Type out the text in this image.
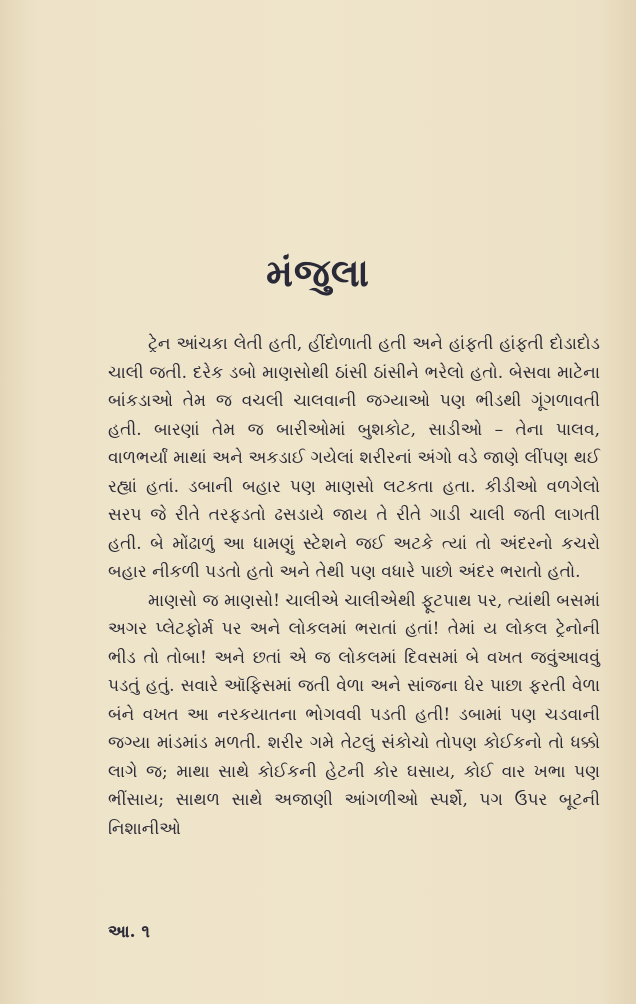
મંજુલા

ટ્રેન આંચકા લેતી હતી, હીંદોળાતી હતી અને હાંફતી હાંફતી દોડાદોડ ચાલી જતી. દરેક ડબો માણસોથી ઠાંસી ઠાંસીને ભરેલો હતો. બેસવા માટેના બાંકડાઓ તેમ જ વચલી ચાલવાની જગ્યાઓ પણ ભીડથી ગૂંગળાવતી હતી. બારણાં તેમ જ બારીઓમાં બુશકોટ, સાડીઓ – તેના પાલવ, વાળભર્યાં માથાં અને અકડાઈ ગયેલાં શરીરનાં અંગો વડે જાણે લીંપણ થઈ રહ્યાં હતાં. ડબાની બહાર પણ માણસો લટકતા હતા. કીડીઓ વળગેલો સરપ જે રીતે તરફડતો ઢસડાયે જાય તે રીતે ગાડી ચાલી જતી લાગતી હતી. બે મોંઢાળું આ ધામણું સ્ટેશને જઈ અટકે ત્યાં તો અંદરનો કચરો બહાર નીકળી પડતો હતો અને તેથી પણ વધારે પાછો અંદર ભરાતો હતો.

માણસો જ માણસો! ચાલીએ ચાલીએથી ફૂટપાથ પર, ત્યાંથી બસમાં અગર પ્લેટફોર્મ પર અને લોકલમાં ભરાતાં હતાં! તેમાં ય લોકલ ટ્રેનોની ભીડ તો તોબા! અને છતાં એ જ લોકલમાં દિવસમાં બે વખત જવુંઆવવું પડતું હતું. સવારે ઑફિસમાં જતી વેળા અને સાંજના ઘેર પાછા ફરતી વેળા બંને વખત આ નરકયાતના ભોગવવી પડતી હતી! ડબામાં પણ ચડવાની જગ્યા માંડમાંડ મળતી. શરીર ગમે તેટલું સંકોચો તોપણ કોઈકનો તો ધક્કો લાગે જ; માથા સાથે કોઈકની હેટની કોર ઘસાય, કોઈ વાર ખભા પણ ભીંસાય; સાથળ સાથે અજાણી આંગળીઓ સ્પર્શે, પગ ઉપર બૂટની નિશાનીઓ

આ. ૧
